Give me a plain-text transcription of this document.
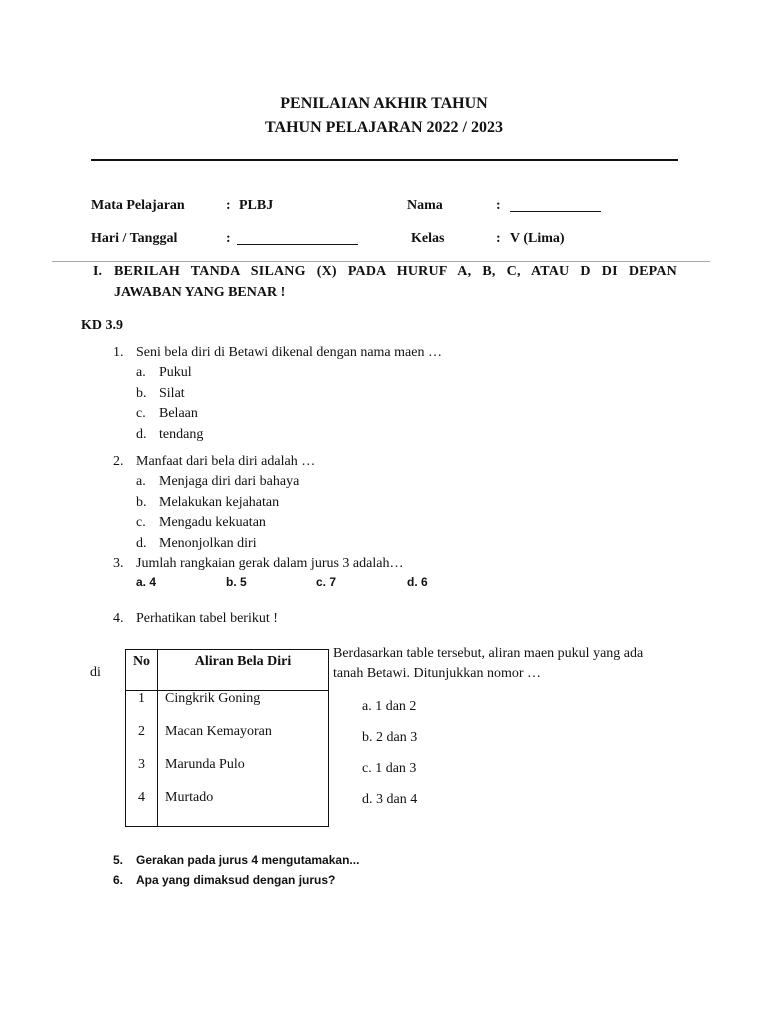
PENILAIAN AKHIR TAHUN
TAHUN PELAJARAN 2022 / 2023
Mata Pelajaran	: PLBJ	Nama	:
Hari / Tanggal	:	Kelas	: V (Lima)
I. BERILAH TANDA SILANG (X) PADA HURUF A, B, C, ATAU D DI DEPAN
JAWABAN YANG BENAR !
KD 3.9
1. Seni bela diri di Betawi dikenal dengan nama maen …
a. Pukul
b. Silat
c. Belaan
d. tendang
2. Manfaat dari bela diri adalah …
a. Menjaga diri dari bahaya
b. Melakukan kejahatan
c. Mengadu kekuatan
d. Menonjolkan diri
3. Jumlah rangkaian gerak dalam jurus 3 adalah…
a. 4	b. 5	c. 7	d. 6
4. Perhatikan tabel berikut !
di
No	Aliran Bela Diri
1	Cingkrik Goning
2	Macan Kemayoran
3	Marunda Pulo
4	Murtado
Berdasarkan table tersebut, aliran maen pukul yang ada
tanah Betawi. Ditunjukkan nomor …
a. 1 dan 2
b. 2 dan 3
c. 1 dan 3
d. 3 dan 4
5. Gerakan pada jurus 4 mengutamakan...
6. Apa yang dimaksud dengan jurus?
